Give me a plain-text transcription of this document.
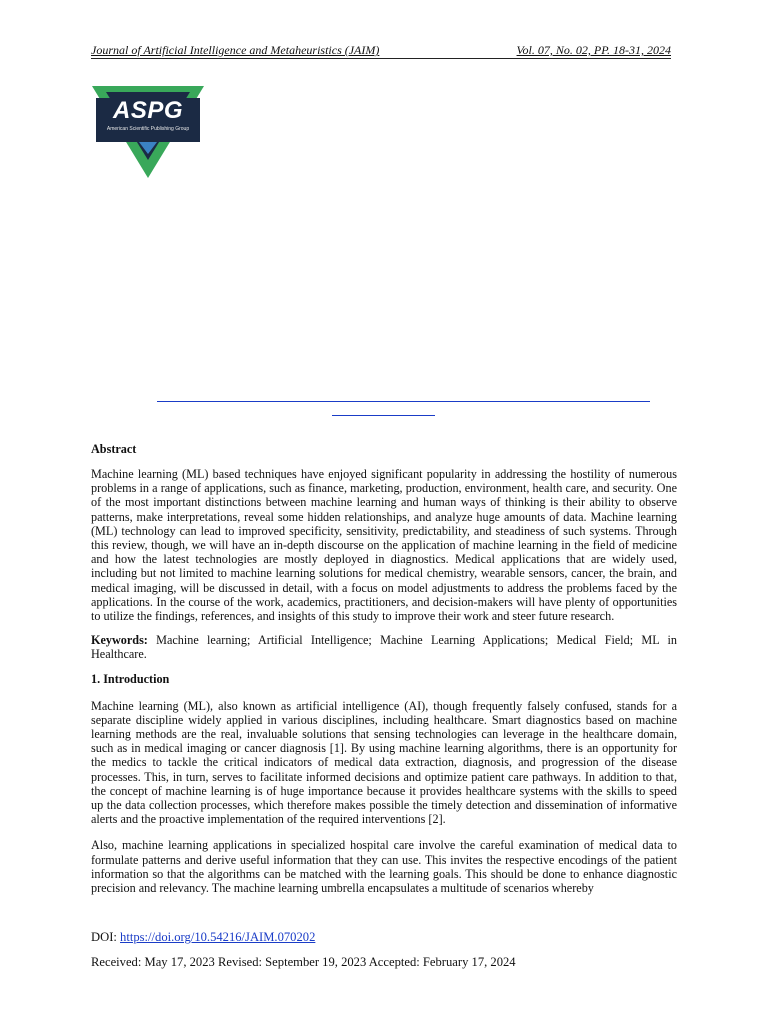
Journal of Artificial Intelligence and Metaheuristics (JAIM)	Vol. 07, No. 02, PP. 18-31, 2024
ASPG
American Scientific Publishing Group
Abstract

Machine learning (ML) based techniques have enjoyed significant popularity in addressing the hostility of numerous problems in a range of applications, such as finance, marketing, production, environment, health care, and security. One of the most important distinctions between machine learning and human ways of thinking is their ability to observe patterns, make interpretations, reveal some hidden relationships, and analyze huge amounts of data. Machine learning (ML) technology can lead to improved specificity, sensitivity, predictability, and steadiness of such systems. Through this review, though, we will have an in-depth discourse on the application of machine learning in the field of medicine and how the latest technologies are mostly deployed in diagnostics. Medical applications that are widely used, including but not limited to machine learning solutions for medical chemistry, wearable sensors, cancer, the brain, and medical imaging, will be discussed in detail, with a focus on model adjustments to address the problems faced by the applications. In the course of the work, academics, practitioners, and decision-makers will have plenty of opportunities to utilize the findings, references, and insights of this study to improve their work and steer future research.

Keywords: Machine learning; Artificial Intelligence; Machine Learning Applications; Medical Field; ML in Healthcare.

1. Introduction

Machine learning (ML), also known as artificial intelligence (AI), though frequently falsely confused, stands for a separate discipline widely applied in various disciplines, including healthcare. Smart diagnostics based on machine learning methods are the real, invaluable solutions that sensing technologies can leverage in the healthcare domain, such as in medical imaging or cancer diagnosis [1]. By using machine learning algorithms, there is an opportunity for the medics to tackle the critical indicators of medical data extraction, diagnosis, and progression of the disease processes. This, in turn, serves to facilitate informed decisions and optimize patient care pathways. In addition to that, the concept of machine learning is of huge importance because it provides healthcare systems with the skills to speed up the data collection processes, which therefore makes possible the timely detection and dissemination of informative alerts and the proactive implementation of the required interventions [2].

Also, machine learning applications in specialized hospital care involve the careful examination of medical data to formulate patterns and derive useful information that they can use. This invites the respective encodings of the patient information so that the algorithms can be matched with the learning goals. This should be done to enhance diagnostic precision and relevancy. The machine learning umbrella encapsulates a multitude of scenarios whereby

DOI: https://doi.org/10.54216/JAIM.070202
Received: May 17, 2023 Revised: September 19, 2023 Accepted: February 17, 2024
